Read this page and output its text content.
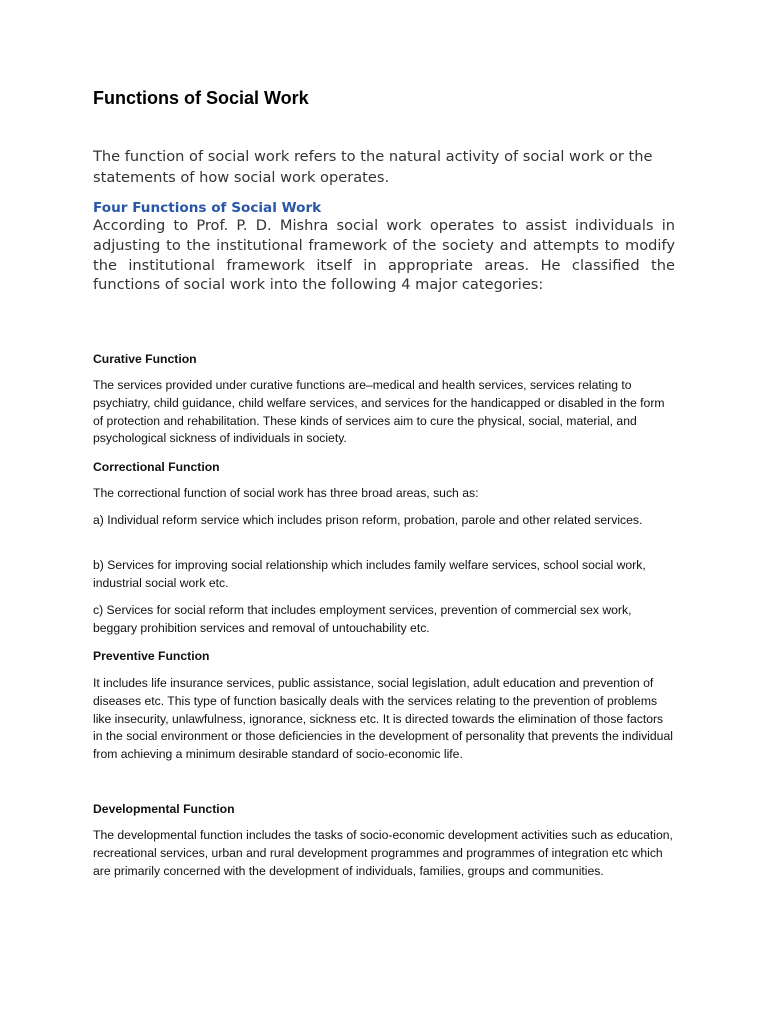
Functions of Social Work

The function of social work refers to the natural activity of social work or the statements of how social work operates.

Four Functions of Social Work

According to Prof. P. D. Mishra social work operates to assist individuals in adjusting to the institutional framework of the society and attempts to modify the institutional framework itself in appropriate areas. He classified the functions of social work into the following 4 major categories:

Curative Function

The services provided under curative functions are–medical and health services, services relating to psychiatry, child guidance, child welfare services, and services for the handicapped or disabled in the form of protection and rehabilitation. These kinds of services aim to cure the physical, social, material, and psychological sickness of individuals in society.

Correctional Function

The correctional function of social work has three broad areas, such as:

a) Individual reform service which includes prison reform, probation, parole and other related services.

b) Services for improving social relationship which includes family welfare services, school social work, industrial social work etc.

c) Services for social reform that includes employment services, prevention of commercial sex work, beggary prohibition services and removal of untouchability etc.

Preventive Function

It includes life insurance services, public assistance, social legislation, adult education and prevention of diseases etc. This type of function basically deals with the services relating to the prevention of problems like insecurity, unlawfulness, ignorance, sickness etc. It is directed towards the elimination of those factors in the social environment or those deficiencies in the development of personality that prevents the individual from achieving a minimum desirable standard of socio-economic life.

Developmental Function

The developmental function includes the tasks of socio-economic development activities such as education, recreational services, urban and rural development programmes and programmes of integration etc which are primarily concerned with the development of individuals, families, groups and communities.
